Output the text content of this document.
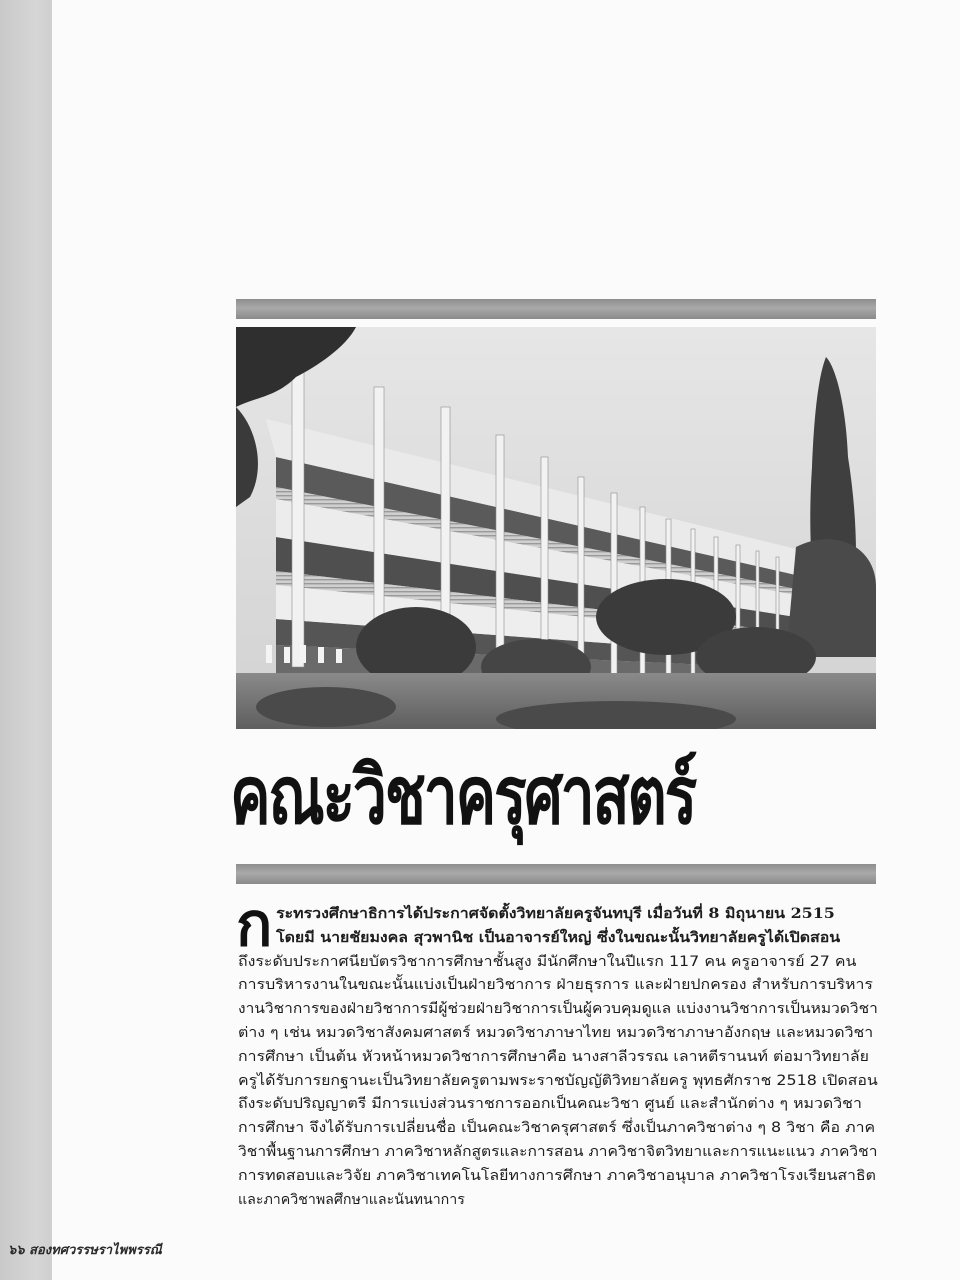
คณะวิชาครุศาสตร์
ก ระทรวงศึกษาธิการได้ประกาศจัดตั้งวิทยาลัยครูจันทบุรี เมื่อวันที่ 8 มิถุนายน 2515
โดยมี นายชัยมงคล สุวพานิช เป็นอาจารย์ใหญ่ ซึ่งในขณะนั้นวิทยาลัยครูได้เปิดสอน
ถึงระดับประกาศนียบัตรวิชาการศึกษาชั้นสูง มีนักศึกษาในปีแรก 117 คน ครูอาจารย์ 27 คน
การบริหารงานในขณะนั้นแบ่งเป็นฝ่ายวิชาการ ฝ่ายธุรการ และฝ่ายปกครอง สำหรับการบริหาร
งานวิชาการของฝ่ายวิชาการมีผู้ช่วยฝ่ายวิชาการเป็นผู้ควบคุมดูแล แบ่งงานวิชาการเป็นหมวดวิชา
ต่าง ๆ เช่น หมวดวิชาสังคมศาสตร์ หมวดวิชาภาษาไทย หมวดวิชาภาษาอังกฤษ และหมวดวิชา
การศึกษา เป็นต้น หัวหน้าหมวดวิชาการศึกษาคือ นางสาลีวรรณ เลาหตีรานนท์ ต่อมาวิทยาลัย
ครูได้รับการยกฐานะเป็นวิทยาลัยครูตามพระราชบัญญัติวิทยาลัยครู พุทธศักราช 2518 เปิดสอน
ถึงระดับปริญญาตรี มีการแบ่งส่วนราชการออกเป็นคณะวิชา ศูนย์ และสำนักต่าง ๆ หมวดวิชา
การศึกษา จึงได้รับการเปลี่ยนชื่อ เป็นคณะวิชาครุศาสตร์ ซึ่งเป็นภาควิชาต่าง ๆ 8 วิชา คือ ภาค
วิชาพื้นฐานการศึกษา ภาควิชาหลักสูตรและการสอน ภาควิชาจิตวิทยาและการแนะแนว ภาควิชา
การทดสอบและวิจัย ภาควิชาเทคโนโลยีทางการศึกษา ภาควิชาอนุบาล ภาควิชาโรงเรียนสาธิต
และภาควิชาพลศึกษาและนันทนาการ
๖๖ สองทศวรรษราไพพรรณี
